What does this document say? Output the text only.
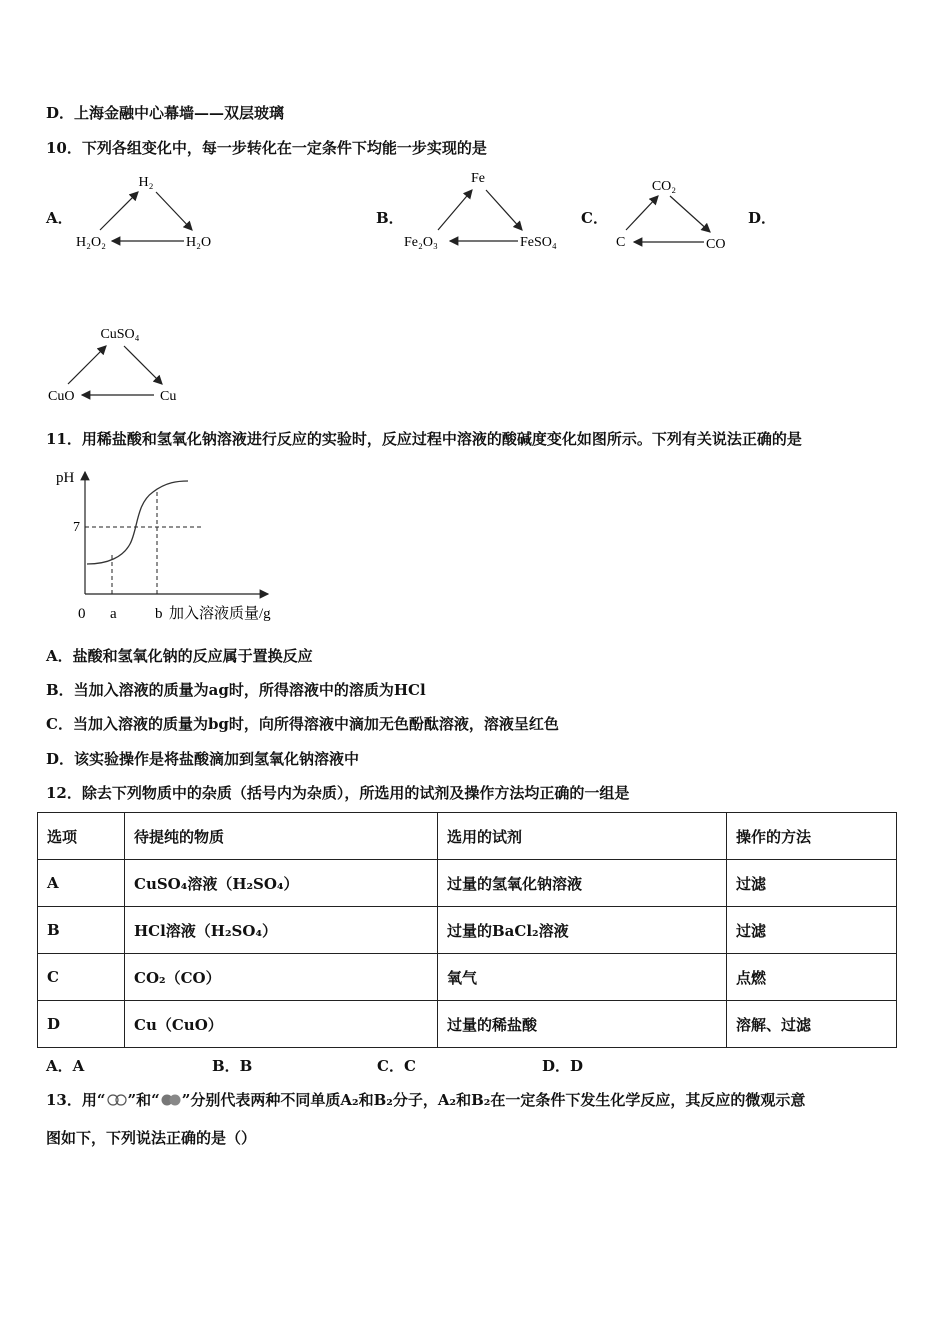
D．上海金融中心幕墙——双层玻璃
10．下列各组变化中，每一步转化在一定条件下均能一步实现的是
A．
H₂
H₂O₂	H₂O
B．
Fe
Fe₂O₃	FeSO₄
C．
CO₂
C	CO
D．
CuSO₄
CuO	Cu
11．用稀盐酸和氢氧化钠溶液进行反应的实验时，反应过程中溶液的酸碱度变化如图所示。下列有关说法正确的是
pH
7
0 a	b 加入溶液质量/g
A．盐酸和氢氧化钠的反应属于置换反应
B．当加入溶液的质量为ag时，所得溶液中的溶质为HCl
C．当加入溶液的质量为bg时，向所得溶液中滴加无色酚酞溶液，溶液呈红色
D．该实验操作是将盐酸滴加到氢氧化钠溶液中
12．除去下列物质中的杂质（括号内为杂质），所选用的试剂及操作方法均正确的一组是
选项	待提纯的物质	选用的试剂	操作的方法
A	CuSO₄溶液（H₂SO₄）	过量的氢氧化钠溶液	过滤
B	HCl溶液（H₂SO₄）	过量的BaCl₂溶液	过滤
C	CO₂（CO）	氧气	点燃
D	Cu（CuO）	过量的稀盐酸	溶解、过滤
A．A	B．B	C．C	D．D
13．用“ ”和“ ”分别代表两种不同单质A₂和B₂分子，A₂和B₂在一定条件下发生化学反应，其反应的微观示意
图如下，下列说法正确的是（）
